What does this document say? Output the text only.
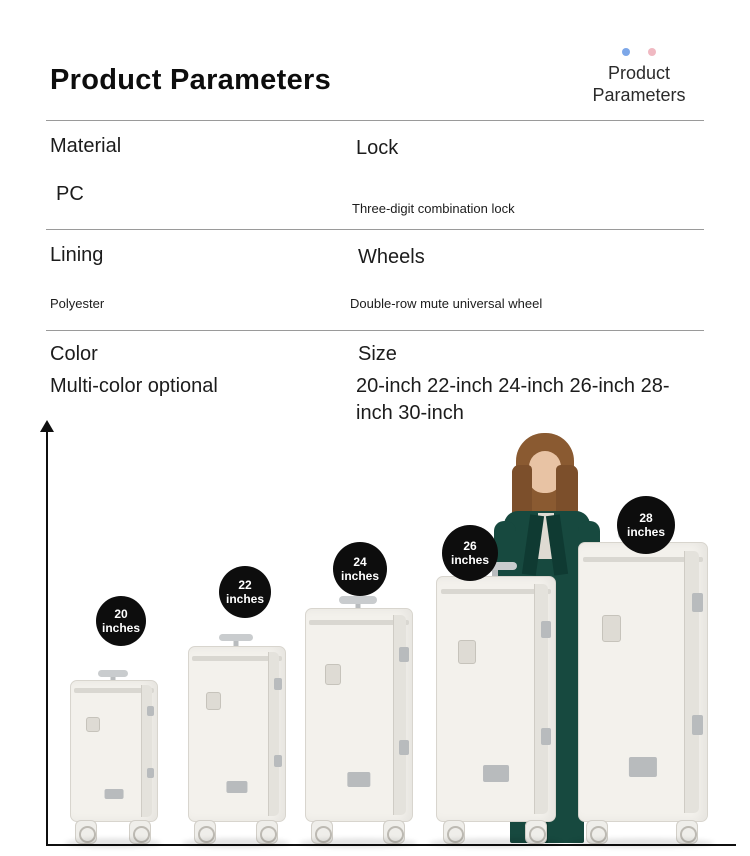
Product Parameters	Product
Parameters
Material
PC
Lock
Three-digit combination lock
Lining
Polyester
Wheels
Double-row mute universal wheel
Color
Multi-color optional
Size
20-inch 22-inch 24-inch 26-inch 28-inch 30-inch
20
inches
22
inches
24
inches
26
inches
28
inches
